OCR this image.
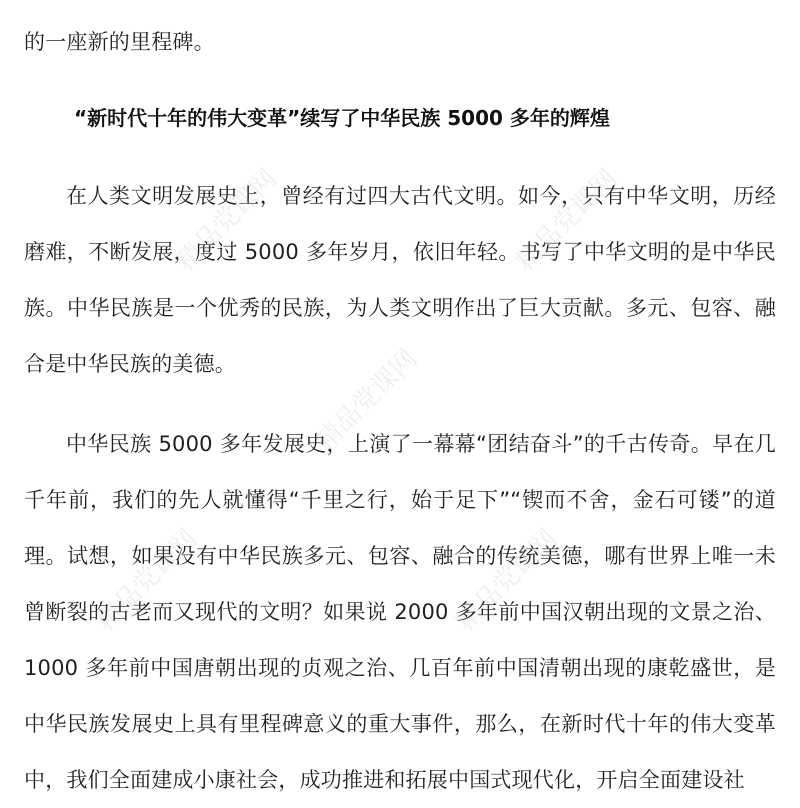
的一座新的里程碑。

“新时代十年的伟大变革”续写了中华民族 5000 多年的辉煌

在人类文明发展史上，曾经有过四大古代文明。如今，只有中华文明，历经磨难，不断发展，度过 5000 多年岁月，依旧年轻。书写了中华文明的是中华民族。中华民族是一个优秀的民族，为人类文明作出了巨大贡献。多元、包容、融合是中华民族的美德。

中华民族 5000 多年发展史，上演了一幕幕“团结奋斗”的千古传奇。早在几千年前，我们的先人就懂得“千里之行，始于足下”“锲而不舍，金石可镂”的道理。试想，如果没有中华民族多元、包容、融合的传统美德，哪有世界上唯一未曾断裂的古老而又现代的文明？如果说 2000 多年前中国汉朝出现的文景之治、1000 多年前中国唐朝出现的贞观之治、几百年前中国清朝出现的康乾盛世，是中华民族发展史上具有里程碑意义的重大事件，那么，在新时代十年的伟大变革中，我们全面建成小康社会，成功推进和拓展中国式现代化，开启全面建设社

精品党课网	精品党课网
精品党课网
精品党课网	精品党课网
